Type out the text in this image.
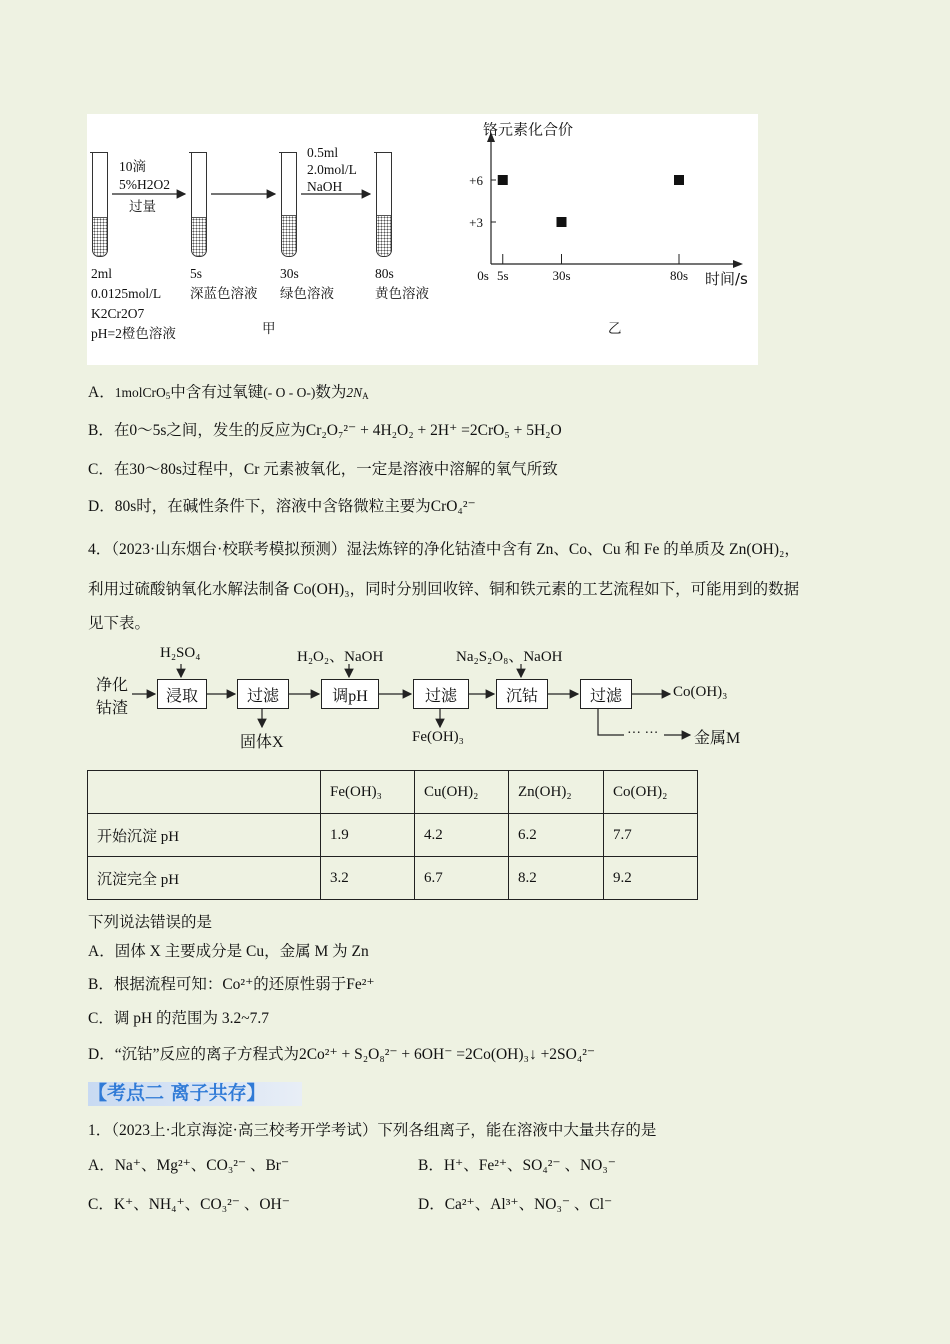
10滴
5%H2O2
过量
0.5ml
2.0mol/L
NaOH
2ml
0.0125mol/L
K2Cr2O7
pH=2橙色溶液
5s
深蓝色溶液
30s
绿色溶液
80s
黄色溶液
甲
铬元素化合价
时间/s
+6
+3
0s 5s	30s	80s
乙
A．1molCrO$_5$中含有过氧键(- O - O-)数为$2N_A$
B．在0～5s之间，发生的反应为Cr₂O₇²⁻ + 4H₂O₂ + 2H⁺ =2CrO₅ + 5H₂O
C．在30～80s过程中，Cr 元素被氧化，一定是溶液中溶解的氧气所致
D．80s时，在碱性条件下，溶液中含铬微粒主要为CrO₄²⁻
4．（2023·山东烟台·校联考模拟预测）湿法炼锌的净化钴渣中含有 Zn、Co、Cu 和 Fe 的单质及 Zn(OH)₂，
利用过硫酸钠氧化水解法制备 Co(OH)₃，同时分别回收锌、铜和铁元素的工艺流程如下，可能用到的数据
见下表。
净化
钴渣
H₂SO₄
浸取	过滤
固体X
H₂O₂、NaOH
调pH	过滤
Fe(OH)₃
Na₂S₂O₈、NaOH
沉钴	过滤	Co(OH)₃
··· ··· 金属M
	Fe(OH)₃	Cu(OH)₂	Zn(OH)₂	Co(OH)₂
开始沉淀 pH	1.9	4.2	6.2	7.7
沉淀完全 pH	3.2	6.7	8.2	9.2
下列说法错误的是
A．固体 X 主要成分是 Cu，金属 M 为 Zn
B．根据流程可知：Co²⁺的还原性弱于Fe²⁺
C．调 pH 的范围为 3.2~7.7
D．“沉钴”反应的离子方程式为2Co²⁺ + S₂O₈²⁻ + 6OH⁻ =2Co(OH)₃↓ +2SO₄²⁻
【考点二 离子共存】
1．（2023上·北京海淀·高三校考开学考试）下列各组离子，能在溶液中大量共存的是
A．Na⁺、Mg²⁺、CO₃²⁻ 、Br⁻	B．H⁺、Fe²⁺、SO₄²⁻ 、NO₃⁻
C．K⁺、NH₄⁺、CO₃²⁻ 、OH⁻	D．Ca²⁺、Al³⁺、NO₃⁻ 、Cl⁻
